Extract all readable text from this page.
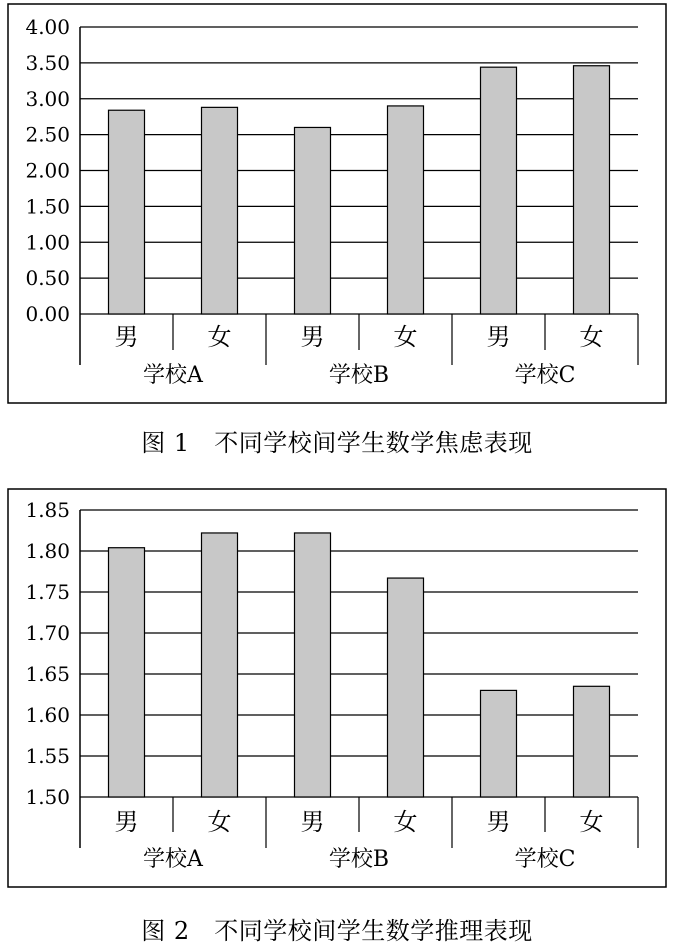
0.00
0.50
1.00
1.50
2.00
2.50
3.00
3.50
4.00
男	女	男	女	男	女
学校A	学校B	学校C
图 1　不同学校间学生数学焦虑表现
1.50
1.55
1.60
1.65
1.70
1.75
1.80
1.85
男	女	男	女	男	女
学校A	学校B	学校C
图 2　不同学校间学生数学推理表现
